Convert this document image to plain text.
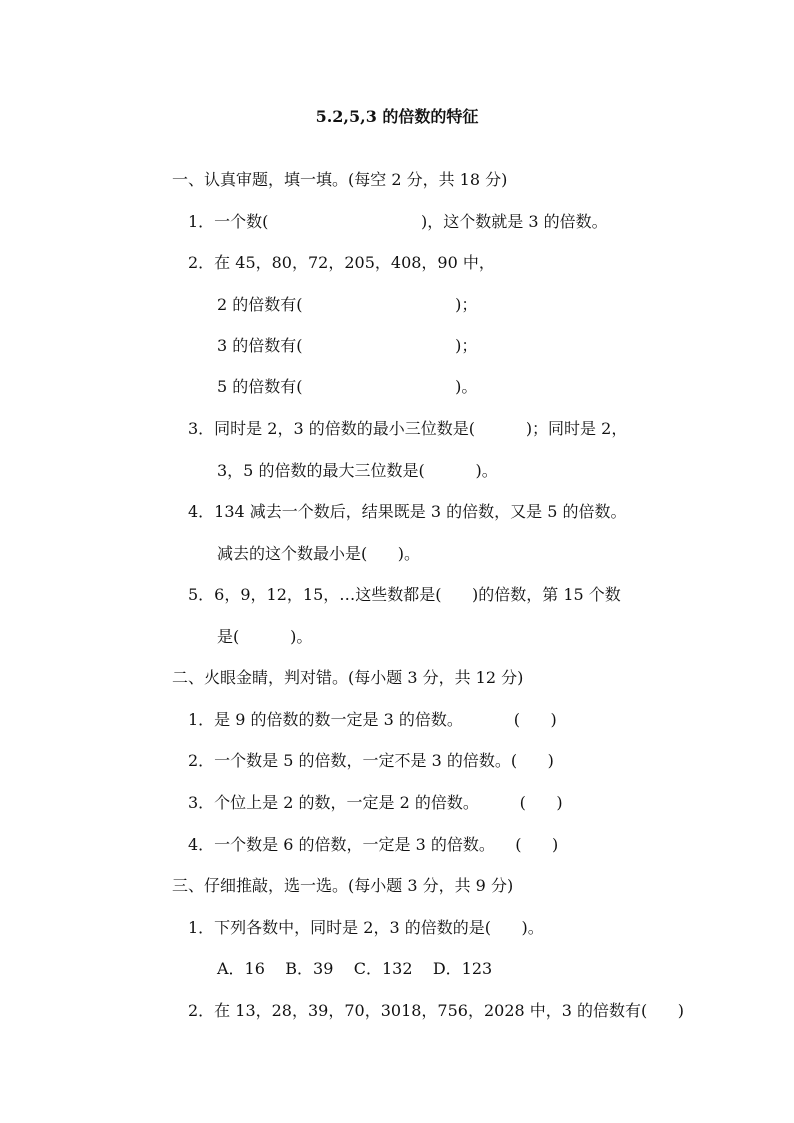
5.2,5,3 的倍数的特征
一、认真审题，填一填。(每空 2 分，共 18 分)
1．一个数(                              )，这个数就是 3 的倍数。
2．在 45，80，72，205，408，90 中，
2 的倍数有(                              )；
3 的倍数有(                              )；
5 的倍数有(                              )。
3．同时是 2，3 的倍数的最小三位数是(          )；同时是 2，
3，5 的倍数的最大三位数是(          )。
4．134 减去一个数后，结果既是 3 的倍数，又是 5 的倍数。
减去的这个数最小是(      )。
5．6，9，12，15，…这些数都是(      )的倍数，第 15 个数
是(          )。
二、火眼金睛，判对错。(每小题 3 分，共 12 分)
1．是 9 的倍数的数一定是 3 的倍数。          (      )
2．一个数是 5 的倍数，一定不是 3 的倍数。(      )
3．个位上是 2 的数，一定是 2 的倍数。        (      )
4．一个数是 6 的倍数，一定是 3 的倍数。    (      )
三、仔细推敲，选一选。(每小题 3 分，共 9 分)
1．下列各数中，同时是 2，3 的倍数的是(      )。
A．16    B．39    C．132    D．123
2．在 13，28，39，70，3018，756，2028 中，3 的倍数有(      )
